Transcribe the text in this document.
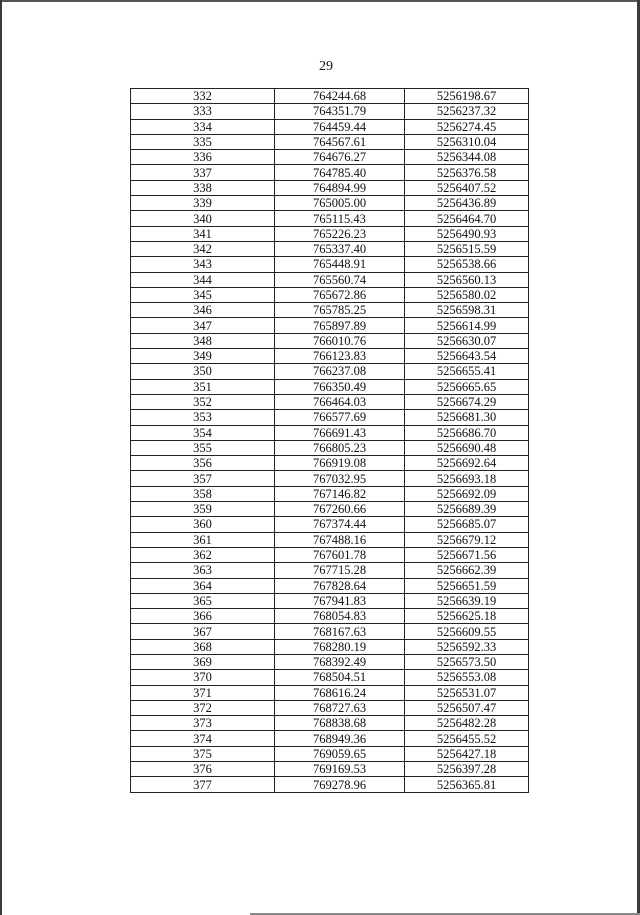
29
332	764244.68	5256198.67
333	764351.79	5256237.32
334	764459.44	5256274.45
335	764567.61	5256310.04
336	764676.27	5256344.08
337	764785.40	5256376.58
338	764894.99	5256407.52
339	765005.00	5256436.89
340	765115.43	5256464.70
341	765226.23	5256490.93
342	765337.40	5256515.59
343	765448.91	5256538.66
344	765560.74	5256560.13
345	765672.86	5256580.02
346	765785.25	5256598.31
347	765897.89	5256614.99
348	766010.76	5256630.07
349	766123.83	5256643.54
350	766237.08	5256655.41
351	766350.49	5256665.65
352	766464.03	5256674.29
353	766577.69	5256681.30
354	766691.43	5256686.70
355	766805.23	5256690.48
356	766919.08	5256692.64
357	767032.95	5256693.18
358	767146.82	5256692.09
359	767260.66	5256689.39
360	767374.44	5256685.07
361	767488.16	5256679.12
362	767601.78	5256671.56
363	767715.28	5256662.39
364	767828.64	5256651.59
365	767941.83	5256639.19
366	768054.83	5256625.18
367	768167.63	5256609.55
368	768280.19	5256592.33
369	768392.49	5256573.50
370	768504.51	5256553.08
371	768616.24	5256531.07
372	768727.63	5256507.47
373	768838.68	5256482.28
374	768949.36	5256455.52
375	769059.65	5256427.18
376	769169.53	5256397.28
377	769278.96	5256365.81
